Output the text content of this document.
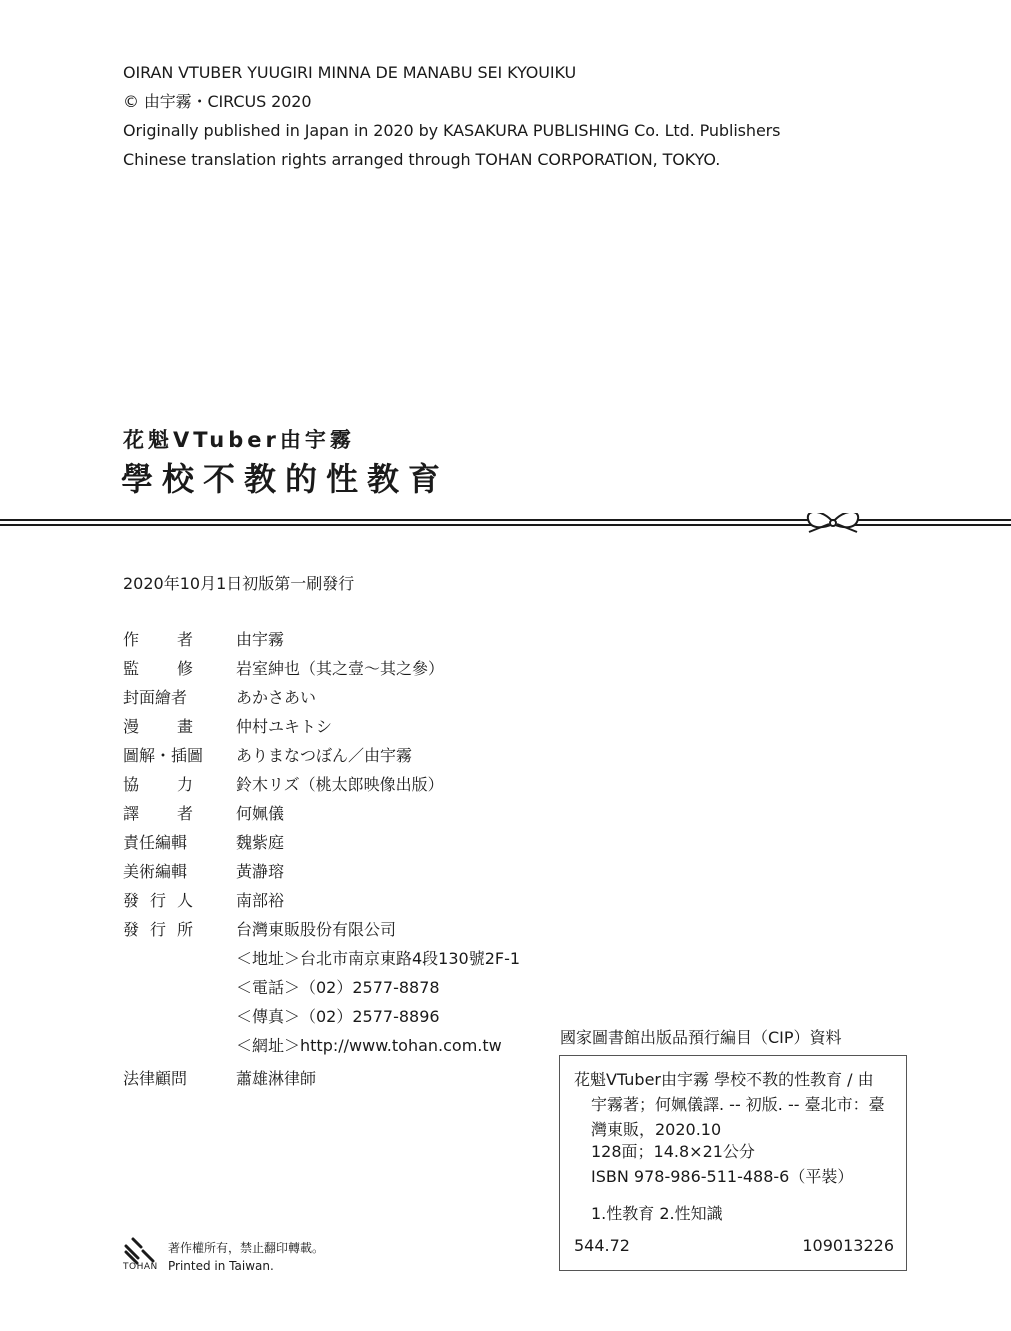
OIRAN VTUBER YUUGIRI MINNA DE MANABU SEI KYOUIKU
© 由宇霧・CIRCUS 2020
Originally published in Japan in 2020 by KASAKURA PUBLISHING Co. Ltd. Publishers
Chinese translation rights arranged through TOHAN CORPORATION, TOKYO.
花魁VTuber由宇霧
學校不教的性教育
2020年10月1日初版第一刷發行
作者	由宇霧
監修	岩室紳也（其之壹～其之參）
封面繪者	あかさあい
漫畫	仲村ユキトシ
圖解・插圖 ありまなつぼん／由宇霧
協力	鈴木リズ（桃太郎映像出版）
譯者	何姵儀
責任編輯	魏紫庭
美術編輯	黃瀞瑢
發行人	南部裕
發行所	台灣東販股份有限公司
＜地址＞台北市南京東路4段130號2F-1
＜電話＞（02）2577-8878
＜傳真＞（02）2577-8896
＜網址＞http://www.tohan.com.tw
法律顧問	蕭雄淋律師
國家圖書館出版品預行編目（CIP）資料
花魁VTuber由宇霧 學校不教的性教育 / 由
宇霧著；何姵儀譯. -- 初版. -- 臺北市：臺灣東販，2020.10
128面；14.8×21公分
ISBN 978-986-511-488-6（平裝）
1.性教育 2.性知識
544.72	109013226
TOHAN
著作權所有，禁止翻印轉載。
Printed in Taiwan.
